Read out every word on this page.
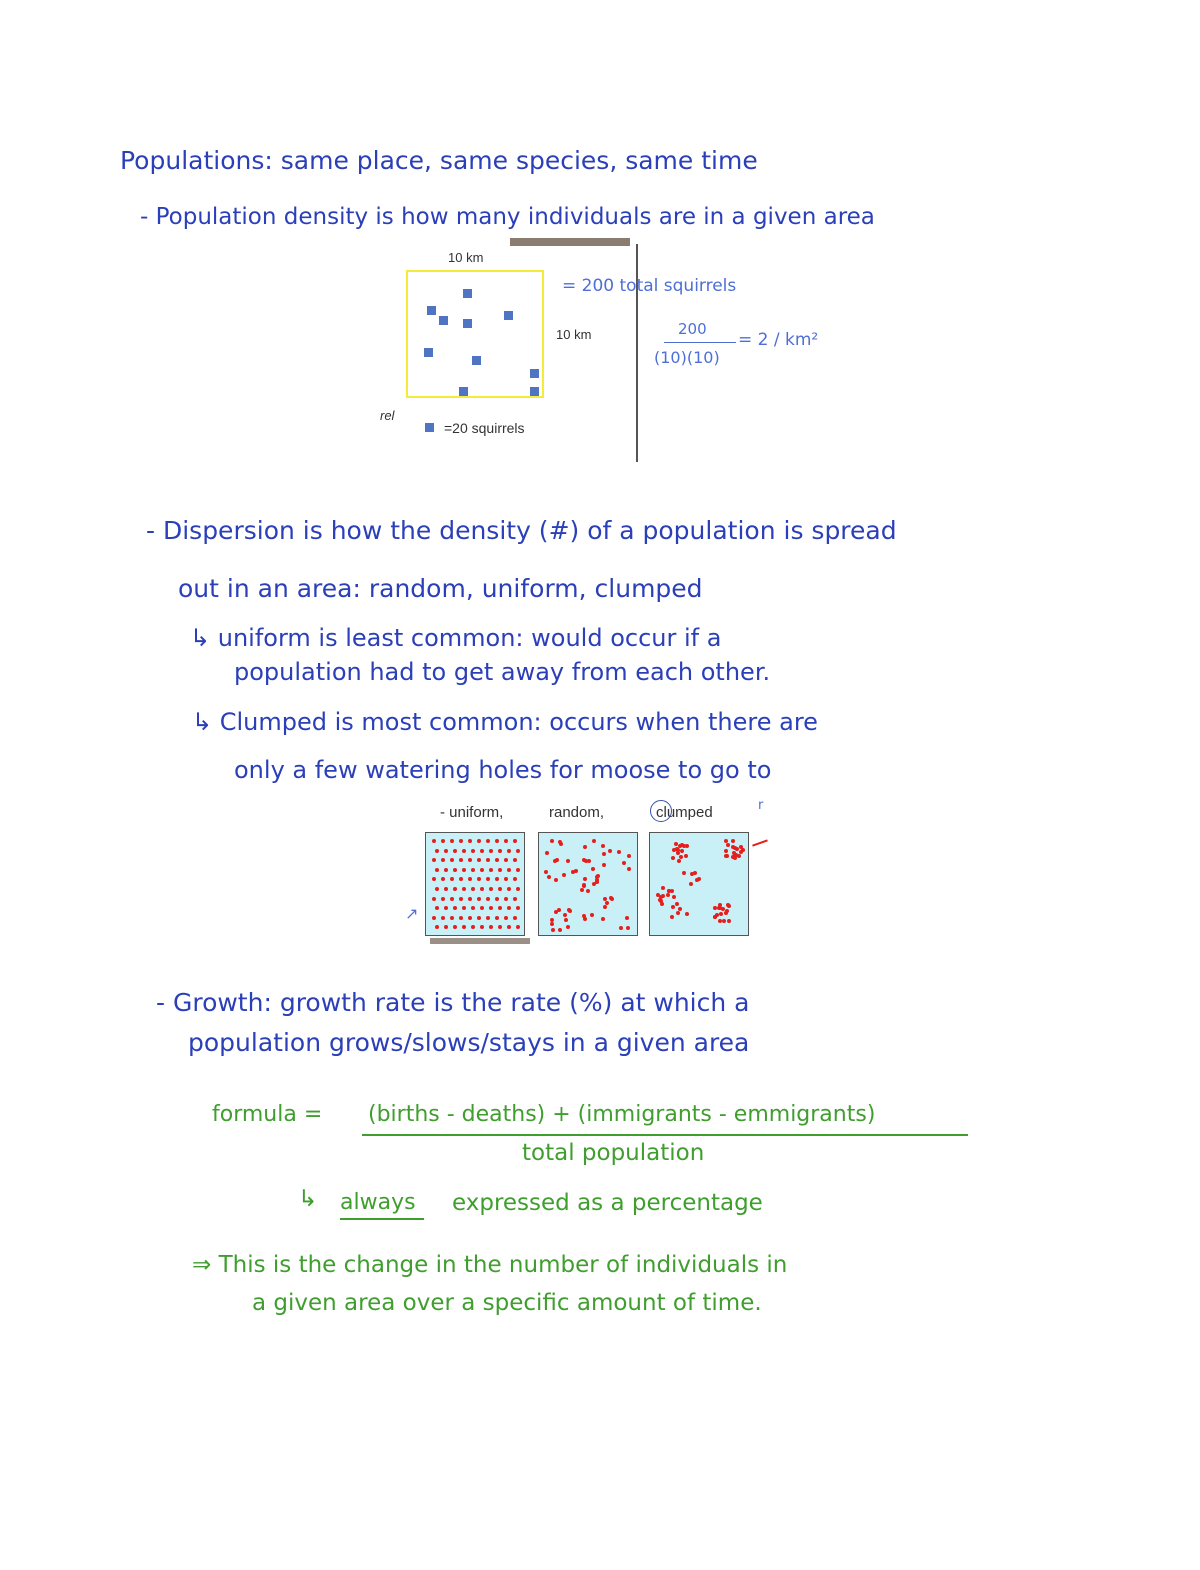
Populations: same place, same species, same time
- Population density is how many individuals are in a given area
10 km
10 km
rel
=20 squirrels
= 200 total squirrels
200
(10)(10)
= 2 / km²
- Dispersion is how the density (#) of a population is spread
out in an area: random, uniform, clumped
↳ uniform is least common: would occur if a
population had to get away from each other.
↳ Clumped is most common: occurs when there are
only a few watering holes for moose to go to
- uniform,	random,	clumped	r
↗
- Growth: growth rate is the rate (%) at which a
population grows/slows/stays in a given area
formula = (births - deaths) + (immigrants - emmigrants)
total population
↳ always expressed as a percentage
⇒ This is the change in the number of individuals in
a given area over a specific amount of time.
